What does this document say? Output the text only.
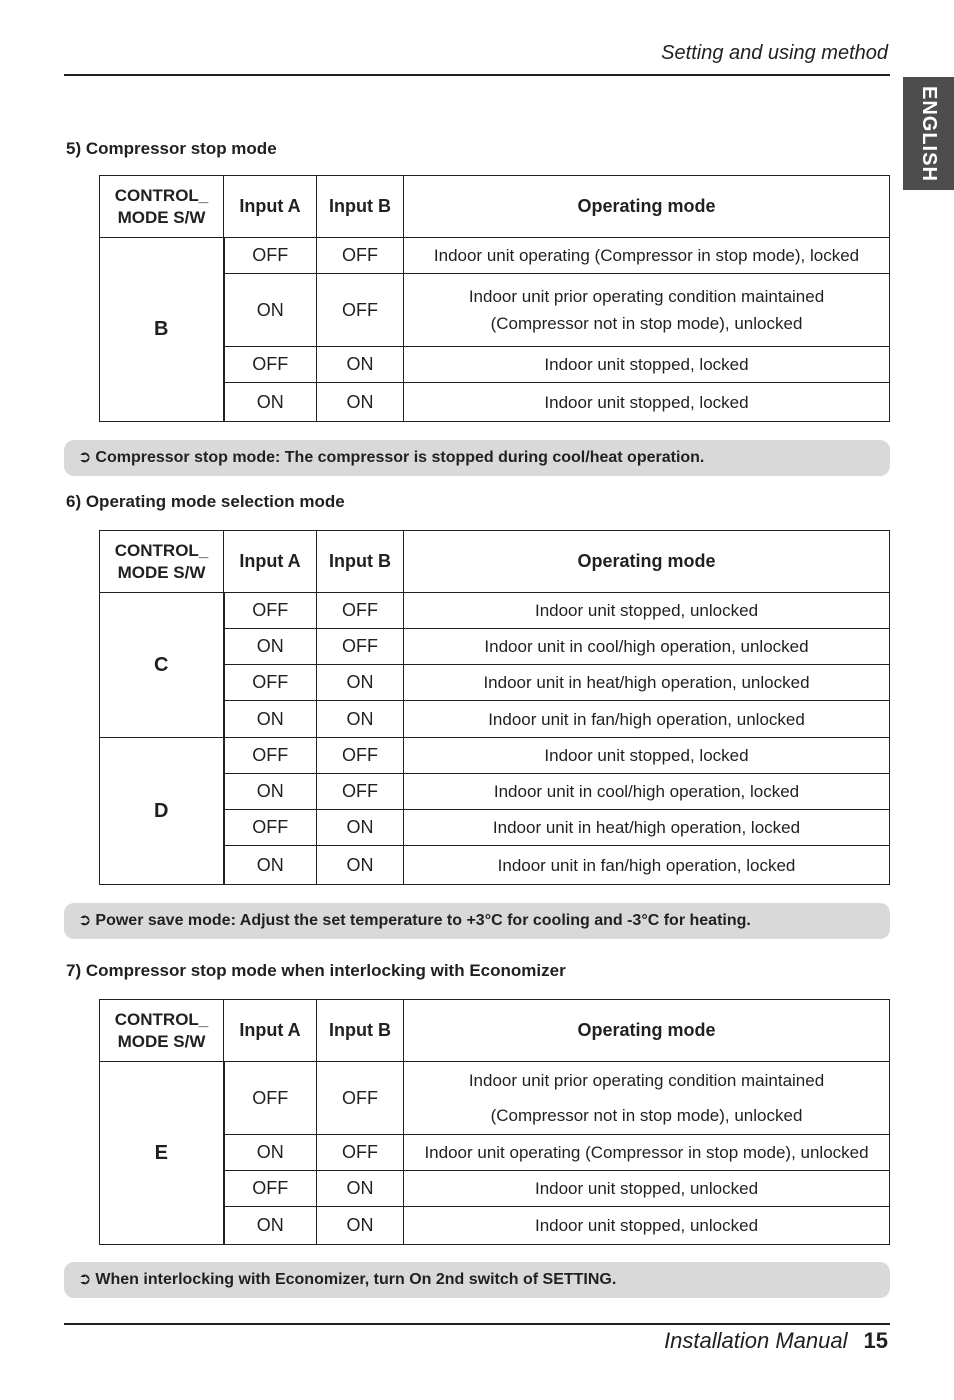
Setting and using method
ENGLISH
5) Compressor stop mode
CONTROL_
MODE S/W	Input A	Input B	Operating mode
B	OFF	OFF	Indoor unit operating (Compressor in stop mode), locked
	ON	OFF	Indoor unit prior operating condition maintained
(Compressor not in stop mode), unlocked
	OFF	ON	Indoor unit stopped, locked
	ON	ON	Indoor unit stopped, locked
➲ Compressor stop mode: The compressor is stopped during cool/heat operation.
6) Operating mode selection mode
CONTROL_
MODE S/W	Input A	Input B	Operating mode
C	OFF	OFF	Indoor unit stopped, unlocked
	ON	OFF	Indoor unit in cool/high operation, unlocked
	OFF	ON	Indoor unit in heat/high operation, unlocked
	ON	ON	Indoor unit in fan/high operation, unlocked
D	OFF	OFF	Indoor unit stopped, locked
	ON	OFF	Indoor unit in cool/high operation, locked
	OFF	ON	Indoor unit in heat/high operation, locked
	ON	ON	Indoor unit in fan/high operation, locked
➲ Power save mode: Adjust the set temperature to +3°C for cooling and -3°C for heating.
7) Compressor stop mode when interlocking with Economizer
CONTROL_
MODE S/W	Input A	Input B	Operating mode
E	OFF	OFF	Indoor unit prior operating condition maintained
(Compressor not in stop mode), unlocked
	ON	OFF	Indoor unit operating (Compressor in stop mode), unlocked
	OFF	ON	Indoor unit stopped, unlocked
	ON	ON	Indoor unit stopped, unlocked
➲ When interlocking with Economizer, turn On 2nd switch of SETTING.
Installation Manual 15
